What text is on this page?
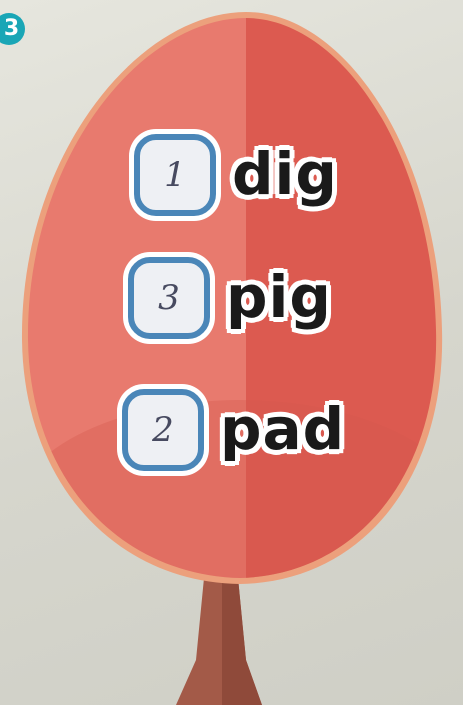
3
1 dig
3 pig
2 pad
